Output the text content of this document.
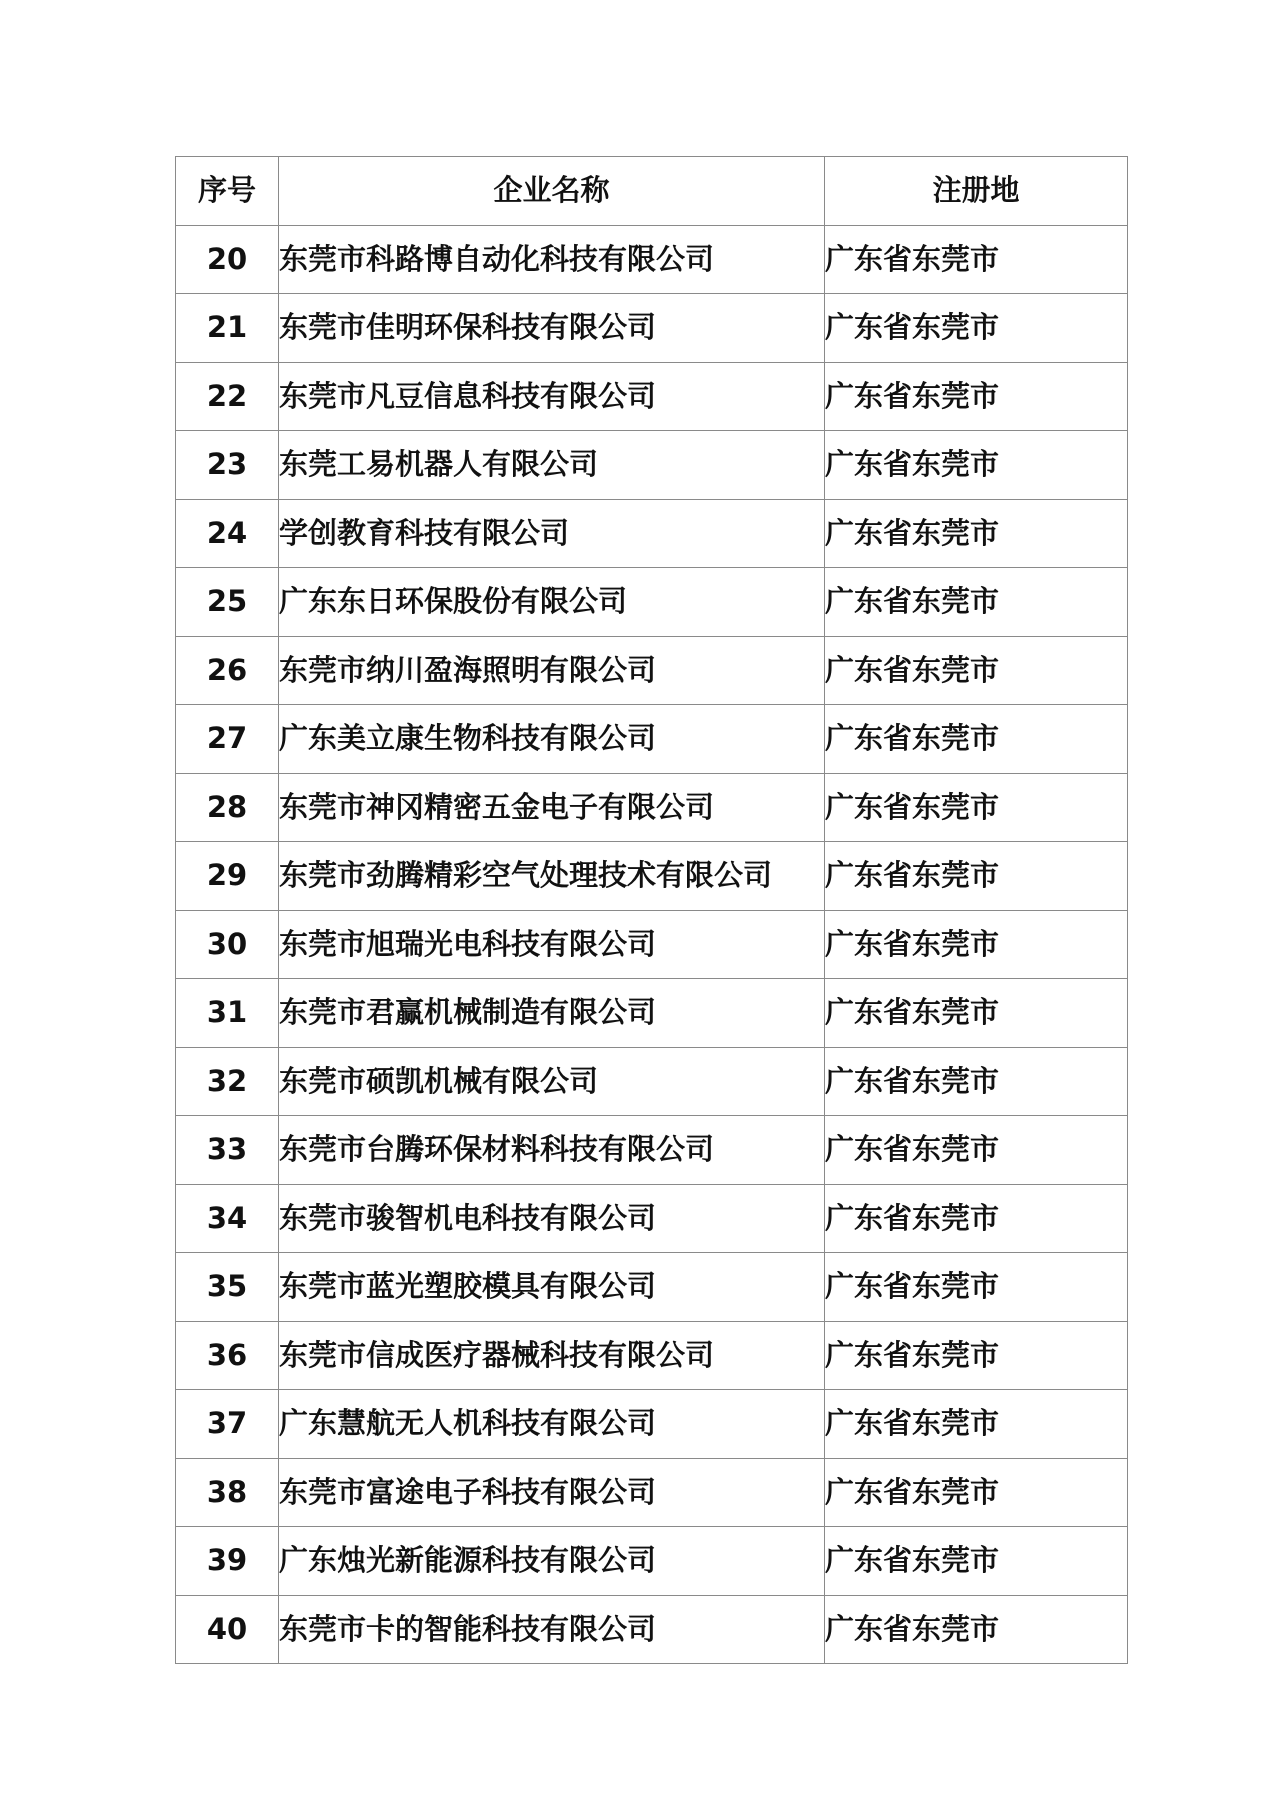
序号	企业名称	注册地
20	东莞市科路博自动化科技有限公司	广东省东莞市
21	东莞市佳明环保科技有限公司	广东省东莞市
22	东莞市凡豆信息科技有限公司	广东省东莞市
23	东莞工易机器人有限公司	广东省东莞市
24	学创教育科技有限公司	广东省东莞市
25	广东东日环保股份有限公司	广东省东莞市
26	东莞市纳川盈海照明有限公司	广东省东莞市
27	广东美立康生物科技有限公司	广东省东莞市
28	东莞市神冈精密五金电子有限公司	广东省东莞市
29	东莞市劲腾精彩空气处理技术有限公司	广东省东莞市
30	东莞市旭瑞光电科技有限公司	广东省东莞市
31	东莞市君赢机械制造有限公司	广东省东莞市
32	东莞市硕凯机械有限公司	广东省东莞市
33	东莞市台腾环保材料科技有限公司	广东省东莞市
34	东莞市骏智机电科技有限公司	广东省东莞市
35	东莞市蓝光塑胶模具有限公司	广东省东莞市
36	东莞市信成医疗器械科技有限公司	广东省东莞市
37	广东慧航无人机科技有限公司	广东省东莞市
38	东莞市富途电子科技有限公司	广东省东莞市
39	广东烛光新能源科技有限公司	广东省东莞市
40	东莞市卡的智能科技有限公司	广东省东莞市
